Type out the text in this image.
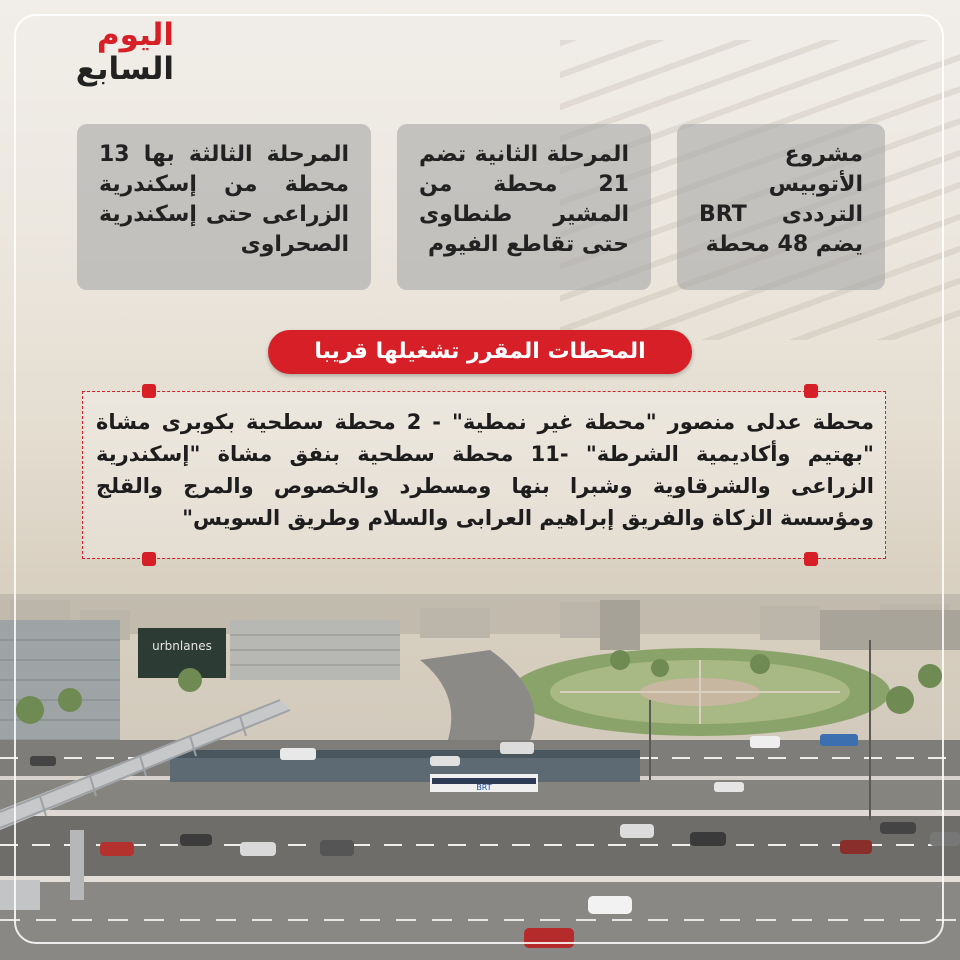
urbnlanes
BRT
اليوم
السابع
المرحلة الثالثة بها 13 محطة من إسكندرية الزراعى حتى إسكندرية الصحراوى
المرحلة الثانية تضم 21 محطة من المشير طنطاوى حتى تقاطع الفيوم
مشروع الأتوبيس الترددى BRT يضم 48 محطة
المحطات المقرر تشغيلها قريبا
محطة عدلى منصور "محطة غير نمطية" - 2 محطة سطحية بكوبرى مشاة "بهتيم وأكاديمية الشرطة" -11 محطة سطحية بنفق مشاة "إسكندرية الزراعى والشرقاوية وشبرا بنها ومسطرد والخصوص والمرج والقلج ومؤسسة الزكاة والفريق إبراهيم العرابى والسلام وطريق السويس"
